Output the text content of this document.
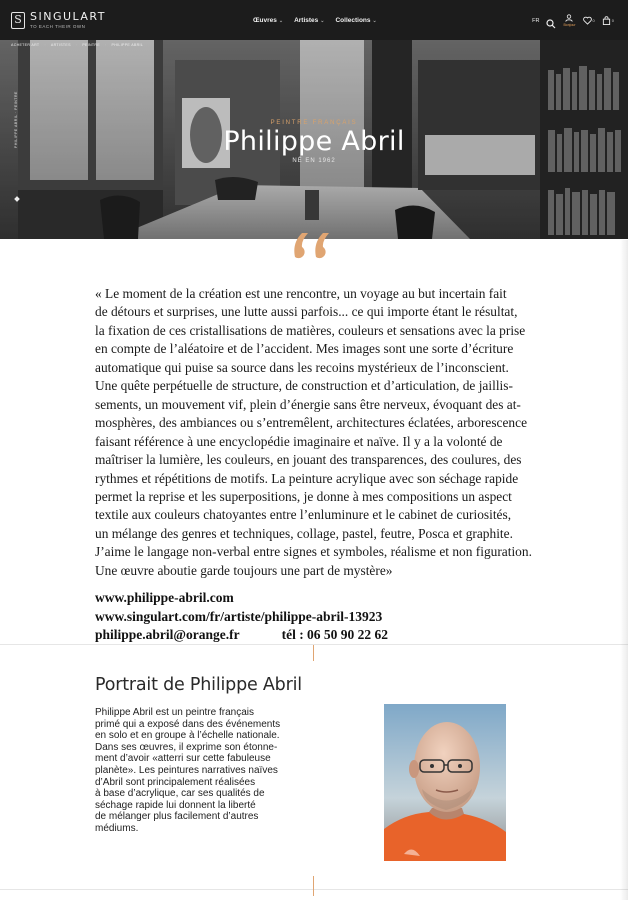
S SINGULART
TO EACH THEIR OWN
Œuvres ⌄ Artistes ⌄ Collections ⌄	FR
Bonjour
0	0
ACHETER ART › ARTISTES › PEINTRE › PHILIPPE ABRIL
PHILIPPE ABRIL · PEINTRE	PEINTRE FRANÇAIS
Philippe Abril
NÉ EN 1962

« Le moment de la création est une rencontre, un voyage au but incertain fait

de détours et surprises, une lutte aussi parfois... ce qui importe étant le résultat,

la fixation de ces cristallisations de matières, couleurs et sensations avec la prise

en compte de l’aléatoire et de l’accident. Mes images sont une sorte d’écriture

automatique qui puise sa source dans les recoins mystérieux de l’inconscient.

Une quête perpétuelle de structure, de construction et d’articulation, de jaillis-

sements, un mouvement vif, plein d’énergie sans être nerveux, évoquant des at-

mosphères, des ambiances ou s’entremêlent, architectures éclatées, arborescence

faisant référence à une encyclopédie imaginaire et naïve. Il y a la volonté de

maîtriser la lumière, les couleurs, en jouant des transparences, des coulures, des

rythmes et répétitions de motifs. La peinture acrylique avec son séchage rapide

permet la reprise et les superpositions, je donne à mes compositions un aspect

textile aux couleurs chatoyantes entre l’enluminure et le cabinet de curiosités,

un mélange des genres et techniques, collage, pastel, feutre, Posca et graphite.

J’aime le langage non-verbal entre signes et symboles, réalisme et non figuration.

Une œuvre aboutie garde toujours une part de mystère»

www.philippe-abril.com
www.singulart.com/fr/artiste/philippe-abril-13923
philippe.abril@orange.fr	tél : 06 50 90 22 62
Portrait de Philippe Abril
Philippe Abril est un peintre français
primé qui a exposé dans des événements
en solo et en groupe à l’échelle nationale.
Dans ses œuvres, il exprime son étonne-
ment d’avoir «atterri sur cette fabuleuse
planète». Les peintures narratives naïves
d’Abril sont principalement réalisées
à base d’acrylique, car ses qualités de
séchage rapide lui donnent la liberté
de mélanger plus facilement d’autres
médiums.
